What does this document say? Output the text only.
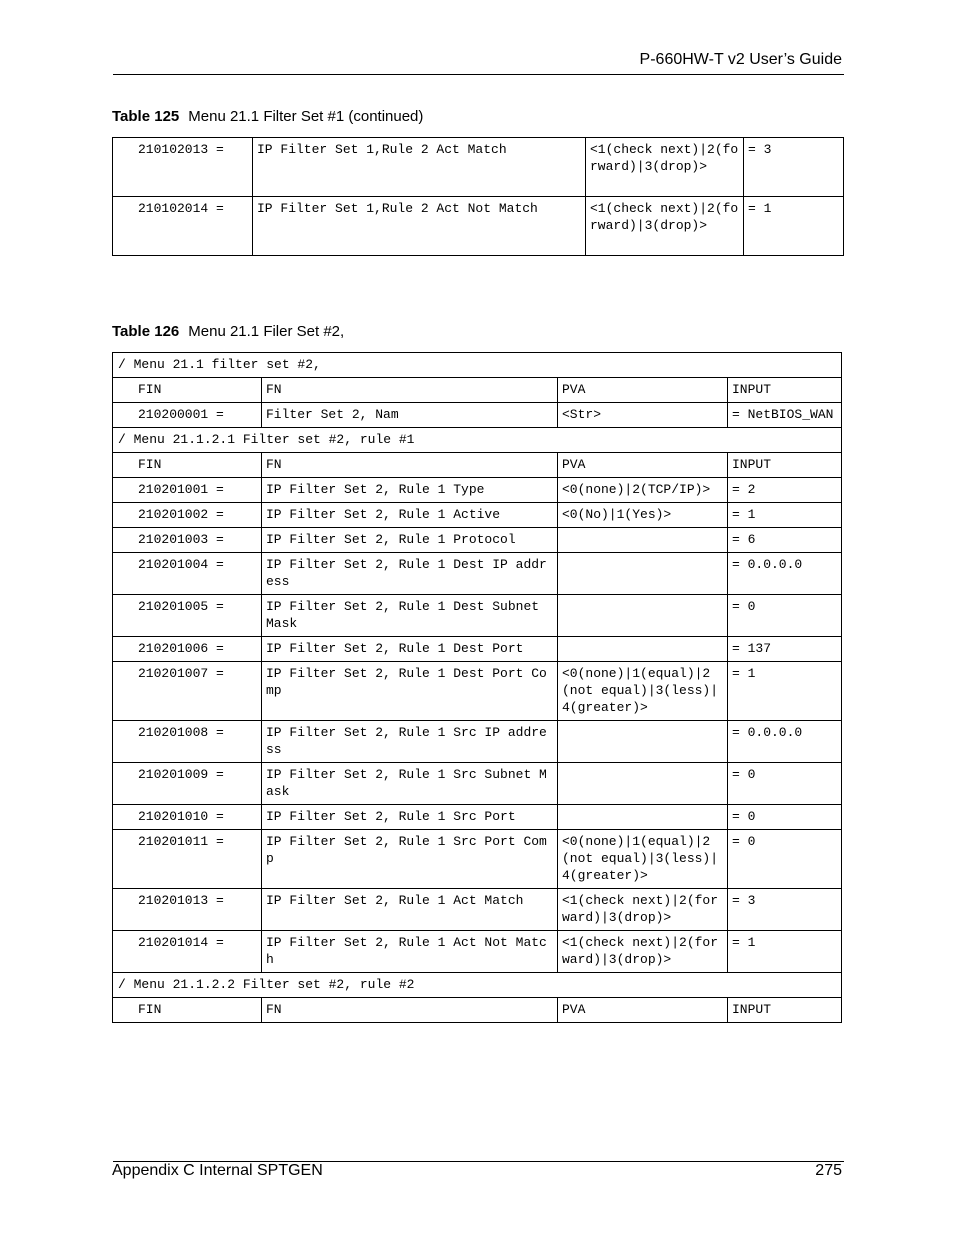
P-660HW-T v2 User’s Guide
Table 125 Menu 21.1 Filter Set #1 (continued)
210102013 =	IP Filter Set 1,Rule 2 Act Match	<1(check next)|2(forward)|3(drop)>	= 3
210102014 =	IP Filter Set 1,Rule 2 Act Not Match	<1(check next)|2(forward)|3(drop)>	= 1
Table 126 Menu 21.1 Filer Set #2,
/ Menu 21.1 filter set #2,			
FIN	FN	PVA	INPUT
210200001 =	Filter Set 2, Nam	<Str>	= NetBIOS_WAN
/ Menu 21.1.2.1 Filter set #2, rule #1			
FIN	FN	PVA	INPUT
210201001 =	IP Filter Set 2, Rule 1 Type	<0(none)|2(TCP/IP)>	= 2
210201002 =	IP Filter Set 2, Rule 1 Active	<0(No)|1(Yes)>	= 1
210201003 =	IP Filter Set 2, Rule 1 Protocol		= 6
210201004 =	IP Filter Set 2, Rule 1 Dest IP address		= 0.0.0.0
210201005 =	IP Filter Set 2, Rule 1 Dest Subnet Mask		= 0
210201006 =	IP Filter Set 2, Rule 1 Dest Port		= 137
210201007 =	IP Filter Set 2, Rule 1 Dest Port Comp	<0(none)|1(equal)|2(not equal)|3(less)|4(greater)>	= 1
210201008 =	IP Filter Set 2, Rule 1 Src IP address		= 0.0.0.0
210201009 =	IP Filter Set 2, Rule 1 Src Subnet Mask		= 0
210201010 =	IP Filter Set 2, Rule 1 Src Port		= 0
210201011 =	IP Filter Set 2, Rule 1 Src Port Comp	<0(none)|1(equal)|2(not equal)|3(less)|4(greater)>	= 0
210201013 =	IP Filter Set 2, Rule 1 Act Match	<1(check next)|2(forward)|3(drop)>	= 3
210201014 =	IP Filter Set 2, Rule 1 Act Not Match	<1(check next)|2(forward)|3(drop)>	= 1
/ Menu 21.1.2.2 Filter set #2, rule #2			
FIN	FN	PVA	INPUT
Appendix C Internal SPTGEN	275
